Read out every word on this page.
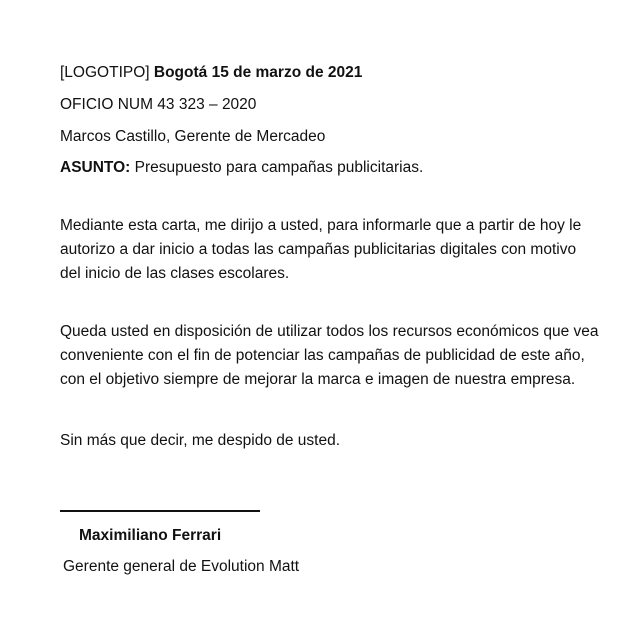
[LOGOTIPO] Bogotá 15 de marzo de 2021
OFICIO NUM 43 323 – 2020
Marcos Castillo, Gerente de Mercadeo
ASUNTO: Presupuesto para campañas publicitarias.
Mediante esta carta, me dirijo a usted, para informarle que a partir de hoy le
autorizo a dar inicio a todas las campañas publicitarias digitales con motivo
del inicio de las clases escolares.
Queda usted en disposición de utilizar todos los recursos económicos que vea
conveniente con el fin de potenciar las campañas de publicidad de este año,
con el objetivo siempre de mejorar la marca e imagen de nuestra empresa.
Sin más que decir, me despido de usted.
Maximiliano Ferrari
Gerente general de Evolution Matt
